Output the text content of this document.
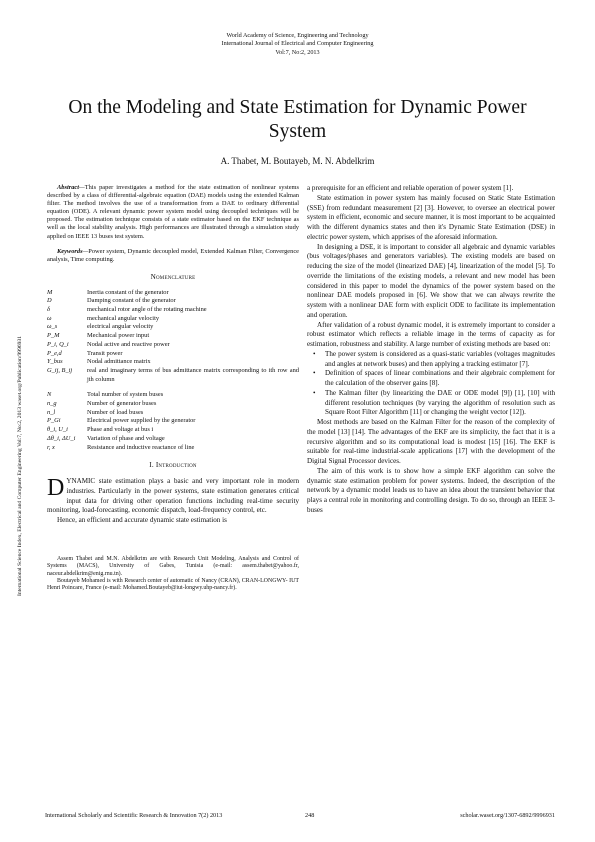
World Academy of Science, Engineering and Technology
International Journal of Electrical and Computer Engineering
Vol:7, No:2, 2013
On the Modeling and State Estimation for Dynamic Power System
A. Thabet, M. Boutayeb, M. N. Abdelkrim
International Science Index, Electrical and Computer Engineering Vol:7, No:2, 2013 waset.org/Publication/9996931

Abstract—This paper investigates a method for the state estimation of nonlinear systems described by a class of differential-algebraic equation (DAE) models using the extended Kalman filter. The method involves the use of a transformation from a DAE to ordinary differential equation (ODE). A relevant dynamic power system model using decoupled techniques will be proposed. The estimation technique consists of a state estimator based on the EKF technique as well as the local stability analysis. High performances are illustrated through a simulation study applied on IEEE 13 buses test system.

Keywords—Power system, Dynamic decoupled model, Extended Kalman Filter, Convergence analysis, Time computing.

Nomenclature
M	Inertia constant of the generator
D	Damping constant of the generator
δ	mechanical rotor angle of the rotating machine
ω	mechanical angular velocity
ω_s	electrical angular velocity
P_M	Mechanical power input
P_i, Q_i	Nodal active and reactive power
P_e,d	Transit power
Y_bus	Nodal admittance matrix
G_ij, B_ij	real and imaginary terms of bus admittance matrix corresponding to ith row and jth column
N	Total number of system buses
n_g	Number of generator buses
n_l	Number of load buses
P_Gi	Electrical power supplied by the generator
θ_i, U_i	Phase and voltage at bus i
Δθ_i, ΔU_i	Variation of phase and voltage
r, x	Resistance and inductive reactance of line
I. Introduction

DYNAMIC state estimation plays a basic and very important role in modern industries. Particularly in the power systems, state estimation generates critical input data for driving other operation functions including real-time security monitoring, load-forecasting, economic dispatch, load-frequency control, etc.

Hence, an efficient and accurate dynamic state estimation is

Assem Thabet and M.N. Abdelkrim are with Research Unit Modeling, Analysis and Control of Systems (MACS), University of Gabes, Tunisia (e-mail: assem.thabet@yahoo.fr, naceur.abdelkrim@enig.rnu.tn).

Boutayeb Mohamed is with Research center of automatic of Nancy (CRAN), CRAN-LONGWY- IUT Henri Poincare, France (e-mail: Mohamed.Boutayeb@iut-longwy.uhp-nancy.fr).

a prerequisite for an efficient and reliable operation of power system [1].

State estimation in power system has mainly focused on Static State Estimation (SSE) from redundant measurement [2] [3]. However, to oversee an electrical power system in efficient, economic and secure manner, it is most important to be acquainted with the different dynamics states and then it's Dynamic State Estimation (DSE) in electric power system, which apprises of the aforesaid information.

In designing a DSE, it is important to consider all algebraic and dynamic variables (bus voltages/phases and generators variables). The existing models are based on reducing the size of the model (linearized DAE) [4], linearization of the model [5]. To override the limitations of the existing models, a relevant and new model has been considered in this paper to model the dynamics of the power system based on the nonlinear DAE models proposed in [6]. We show that we can always rewrite the system with a nonlinear DAE form with explicit ODE to facilitate its implementation and operation.

After validation of a robust dynamic model, it is extremely important to consider a robust estimator which reflects a reliable image in the terms of capacity as for estimation, robustness and stability. A large number of existing methods are based on:

• The power system is considered as a quasi-static variables (voltages magnitudes and angles at network buses) and then applying a tracking estimator [7].
• Definition of spaces of linear combinations and their algebraic complement for the calculation of the observer gains [8].
• The Kalman filter (by linearizing the DAE or ODE model [9]) [1], [10] with different resolution techniques (by varying the algorithm of resolution such as Square Root Filter Algorithm [11] or changing the weight vector [12]).

Most methods are based on the Kalman Filter for the reason of the complexity of the model [13] [14]. The advantages of the EKF are its simplicity, the fact that it is a recursive algorithm and so its computational load is modest [15] [16]. The EKF is suitable for real-time industrial-scale applications [17] with the development of the Digital Signal Processor devices.

The aim of this work is to show how a simple EKF algorithm can solve the dynamic state estimation problem for power systems. Indeed, the description of the network by a dynamic model leads us to have an idea about the transient behavior that plays a central role in monitoring and controlling design. To do so, through an IEEE 3-buses

International Scholarly and Scientific Research & Innovation 7(2) 2013	248	scholar.waset.org/1307-6892/9996931
